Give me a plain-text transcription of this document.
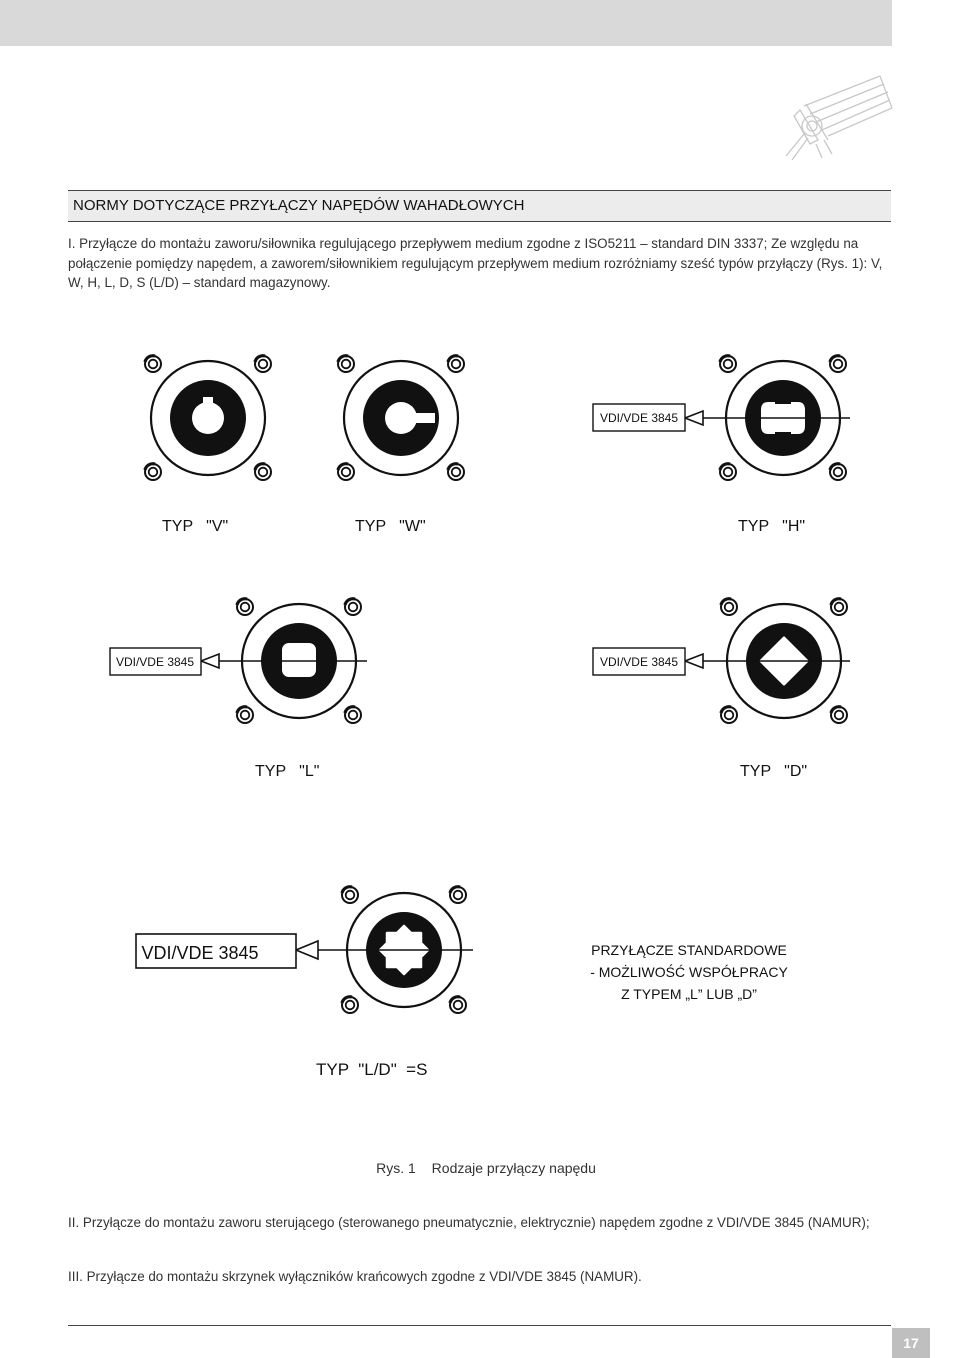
NORMY DOTYCZĄCE PRZYŁĄCZY NAPĘDÓW WAHADŁOWYCH
I. Przyłącze do montażu zaworu/siłownika regulującego przepływem medium zgodne z ISO5211 – standard DIN 3337; Ze względu na połączenie pomiędzy napędem, a zaworem/siłownikiem regulującym przepływem medium rozróżniamy sześć typów przyłączy (Rys. 1): V, W, H, L, D, S (L/D) – standard magazynowy.
TYP   "V"	TYP   "W"
VDI/VDE 3845
TYP   "H"
VDI/VDE 3845
TYP   "L"
VDI/VDE 3845
TYP   "D"
VDI/VDE 3845	PRZYŁĄCZE STANDARDOWE
- MOŻLIWOŚĆ WSPÓŁPRACY
Z TYPEM „L” LUB „D”
TYP  "L/D"  =S
Rys. 1 Rodzaje przyłączy napędu
II. Przyłącze do montażu zaworu sterującego (sterowanego pneumatycznie, elektrycznie) napędem zgodne z VDI/VDE 3845 (NAMUR);
III. Przyłącze do montażu skrzynek wyłączników krańcowych zgodne z VDI/VDE 3845 (NAMUR).
17
